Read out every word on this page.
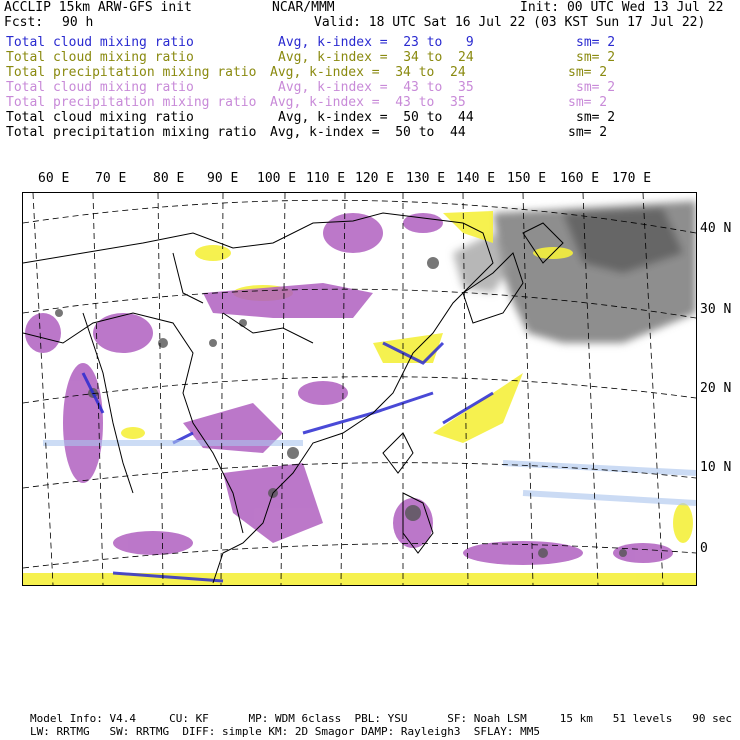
ACCLIP 15km ARW-GFS init	NCAR/MMM	Init: 00 UTC Wed 13 Jul 22
Fcst: 90 h	Valid: 18 UTC Sat 16 Jul 22 (03 KST Sun 17 Jul 22)
Total cloud mixing ratio	Avg, k-index =  23 to   9	sm= 2
Total cloud mixing ratio	Avg, k-index =  34 to  24	sm= 2
Total precipitation mixing ratio Avg, k-index =  34 to  24	sm= 2
Total cloud mixing ratio	Avg, k-index =  43 to  35	sm= 2
Total precipitation mixing ratio Avg, k-index =  43 to  35	sm= 2
Total cloud mixing ratio	Avg, k-index =  50 to  44	sm= 2
Total precipitation mixing ratio Avg, k-index =  50 to  44	sm= 2
60 E 70 E 80 E 90 E 100 E 110 E 120 E 130 E 140 E 150 E 160 E 170 E
40 N
30 N
20 N
10 N
0
Model Info: V4.4     CU: KF      MP: WDM 6class  PBL: YSU      SF: Noah LSM     15 km   51 levels   90 sec
LW: RRTMG   SW: RRTMG  DIFF: simple KM: 2D Smagor DAMP: Rayleigh3  SFLAY: MM5
